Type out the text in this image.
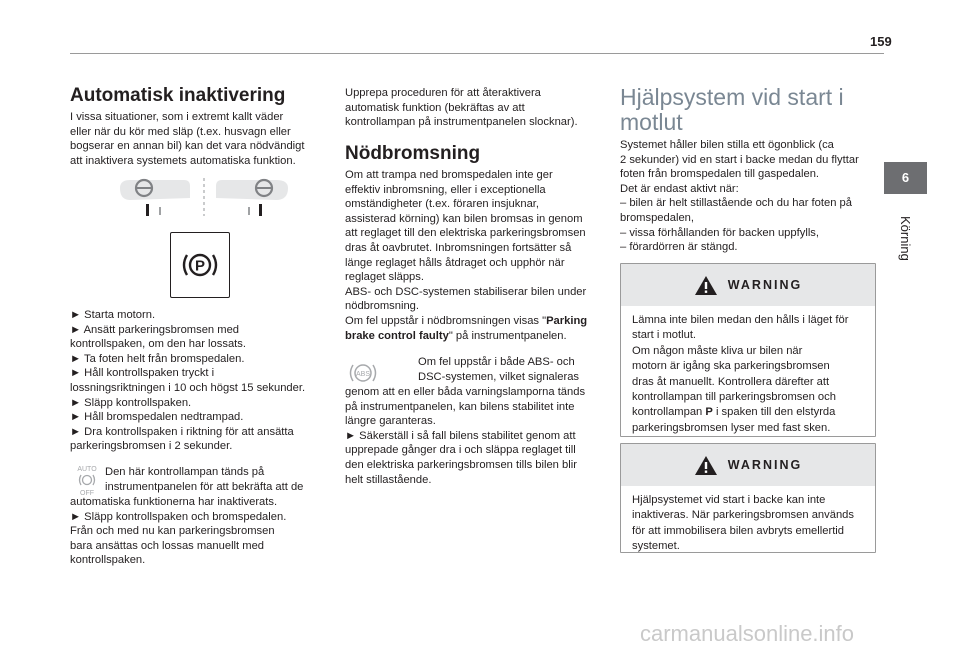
159
6
Körning
Automatisk inaktivering

I vissa situationer, som i extremt kallt väder

eller när du kör med släp (t.ex. husvagn eller

bogserar en annan bil) kan det vara nödvändigt

att inaktivera systemets automatiska funktion.

P

► Starta motorn.

► Ansätt parkeringsbromsen med

kontrollspaken, om den har lossats.

► Ta foten helt från bromspedalen.

► Håll kontrollspaken tryckt i

lossningsriktningen i 10 och högst 15 sekunder.

► Släpp kontrollspaken.

► Håll bromspedalen nedtrampad.

► Dra kontrollspaken i riktning för att ansätta

parkeringsbromsen i 2 sekunder.

AUTO
OFF

Den här kontrollampan tänds på

instrumentpanelen för att bekräfta att de

automatiska funktionerna har inaktiverats.

► Släpp kontrollspaken och bromspedalen.

Från och med nu kan parkeringsbromsen

bara ansättas och lossas manuellt med

kontrollspaken.

Upprepa proceduren för att återaktivera

automatisk funktion (bekräftas av att

kontrollampan på instrumentpanelen slocknar).

Nödbromsning

Om att trampa ned bromspedalen inte ger

effektiv inbromsning, eller i exceptionella

omständigheter (t.ex. föraren insjuknar,

assisterad körning) kan bilen bromsas in genom

att reglaget till den elektriska parkeringsbromsen

dras åt oavbrutet. Inbromsningen fortsätter så

länge reglaget hålls åtdraget och upphör när

reglaget släpps.

ABS- och DSC-systemen stabiliserar bilen under

nödbromsning.

Om fel uppstår i nödbromsningen visas "Parking

brake control faulty" på instrumentpanelen.

ABS

Om fel uppstår i både ABS- och

DSC-systemen, vilket signaleras

genom att en eller båda varningslamporna tänds

på instrumentpanelen, kan bilens stabilitet inte

längre garanteras.

► Säkerställ i så fall bilens stabilitet genom att

upprepade gånger dra i och släppa reglaget till

den elektriska parkeringsbromsen tills bilen blir

helt stillastående.

Hjälpsystem vid start i
motlut

Systemet håller bilen stilla ett ögonblick (ca

2 sekunder) vid en start i backe medan du flyttar

foten från bromspedalen till gaspedalen.

Det är endast aktivt när:

– bilen är helt stillastående och du har foten på

bromspedalen,

– vissa förhållanden för backen uppfylls,

– förardörren är stängd.

WARNING
Lämna inte bilen medan den hålls i läget för
start i motlut.
Om någon måste kliva ur bilen när
motorn är igång ska parkeringsbromsen
dras åt manuellt. Kontrollera därefter att
kontrollampan till parkeringsbromsen och
kontrollampan P i spaken till den elstyrda
parkeringsbromsen lyser med fast sken.
WARNING
Hjälpsystemet vid start i backe kan inte
inaktiveras. När parkeringsbromsen används
för att immobilisera bilen avbryts emellertid
systemet.
carmanualsonline.info
